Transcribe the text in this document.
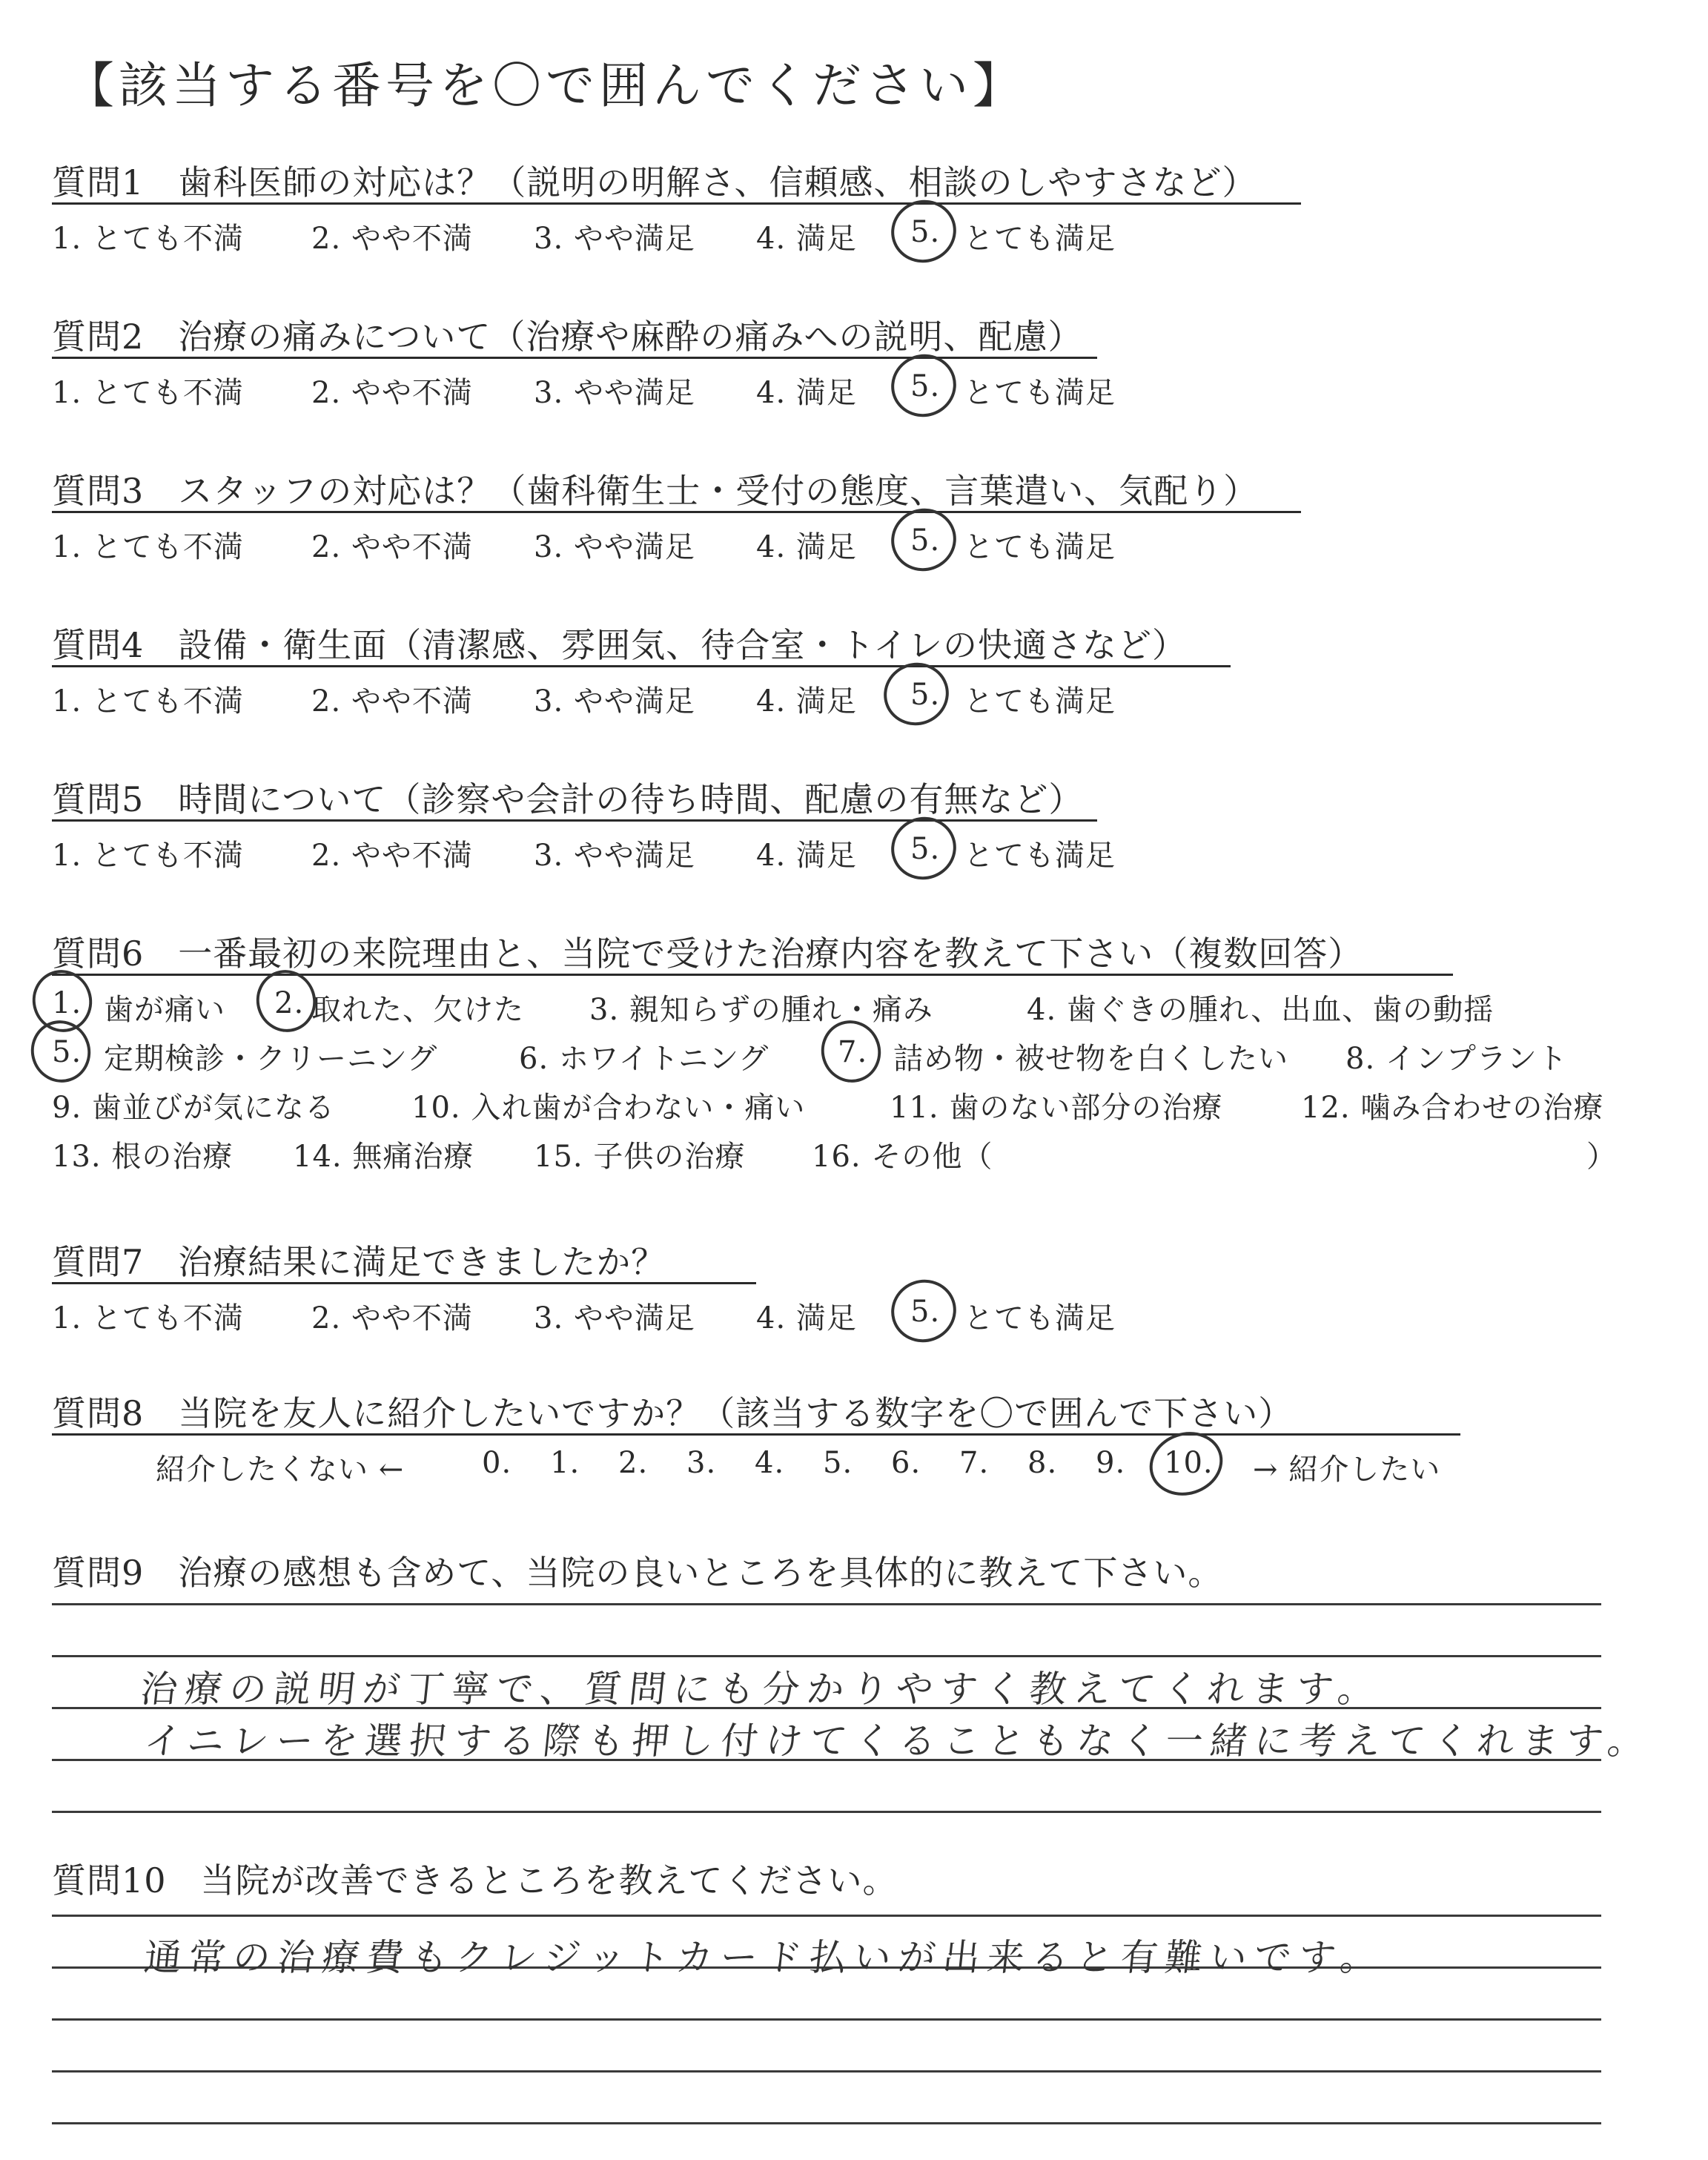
【該当する番号を〇で囲んでください】
質問1 歯科医師の対応は？（説明の明解さ、信頼感、相談のしやすさなど）
1. とても不満 2. やや不満 3. やや満足 4. 満足 5. とても満足
質問2 治療の痛みについて（治療や麻酔の痛みへの説明、配慮）
1. とても不満 2. やや不満 3. やや満足 4. 満足 5. とても満足
質問3 スタッフの対応は？（歯科衛生士・受付の態度、言葉遣い、気配り）
1. とても不満 2. やや不満 3. やや満足 4. 満足 5. とても満足
質問4 設備・衛生面（清潔感、雰囲気、待合室・トイレの快適さなど）
1. とても不満 2. やや不満 3. やや満足 4. 満足 5. とても満足
質問5 時間について（診察や会計の待ち時間、配慮の有無など）
1. とても不満 2. やや不満 3. やや満足 4. 満足 5. とても満足
質問7 治療結果に満足できましたか？
1. とても不満 2. やや不満 3. やや満足 4. 満足 5. とても満足
質問6 一番最初の来院理由と、当院で受けた治療内容を教えて下さい（複数回答）
1. 歯が痛い 2. 取れた、欠けた 3. 親知らずの腫れ・痛み	4. 歯ぐきの腫れ、出血、歯の動揺
5. 定期検診・クリーニング	6. ホワイトニング 7. 詰め物・被せ物を白くしたい 8. インプラント
9. 歯並びが気になる	10. 入れ歯が合わない・痛い	11. 歯のない部分の治療	12. 噛み合わせの治療
13. 根の治療 14. 無痛治療 15. 子供の治療 16. その他（	）
質問8 当院を友人に紹介したいですか？（該当する数字を〇で囲んで下さい）
紹介したくない ←	0. 1. 2. 3. 4. 5. 6. 7. 8. 9. 10. → 紹介したい
質問9 治療の感想も含めて、当院の良いところを具体的に教えて下さい。
治療の説明が丁寧で、質問にも分かりやすく教えてくれます。
イニレーを選択する際も押し付けてくることもなく一緒に考えてくれます。
質問10 当院が改善できるところを教えてください。
通常の治療費もクレジットカード払いが出来ると有難いです。
